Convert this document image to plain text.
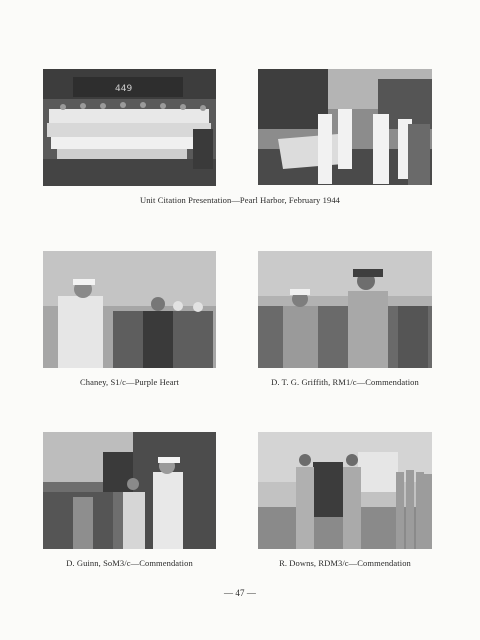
449
Unit Citation Presentation—Pearl Harbor, February 1944
Chaney, S1/c—Purple Heart	D. T. G. Griffith, RM1/c—Commendation
D. Guinn, SoM3/c—Commendation	R. Downs, RDM3/c—Commendation
— 47 —
